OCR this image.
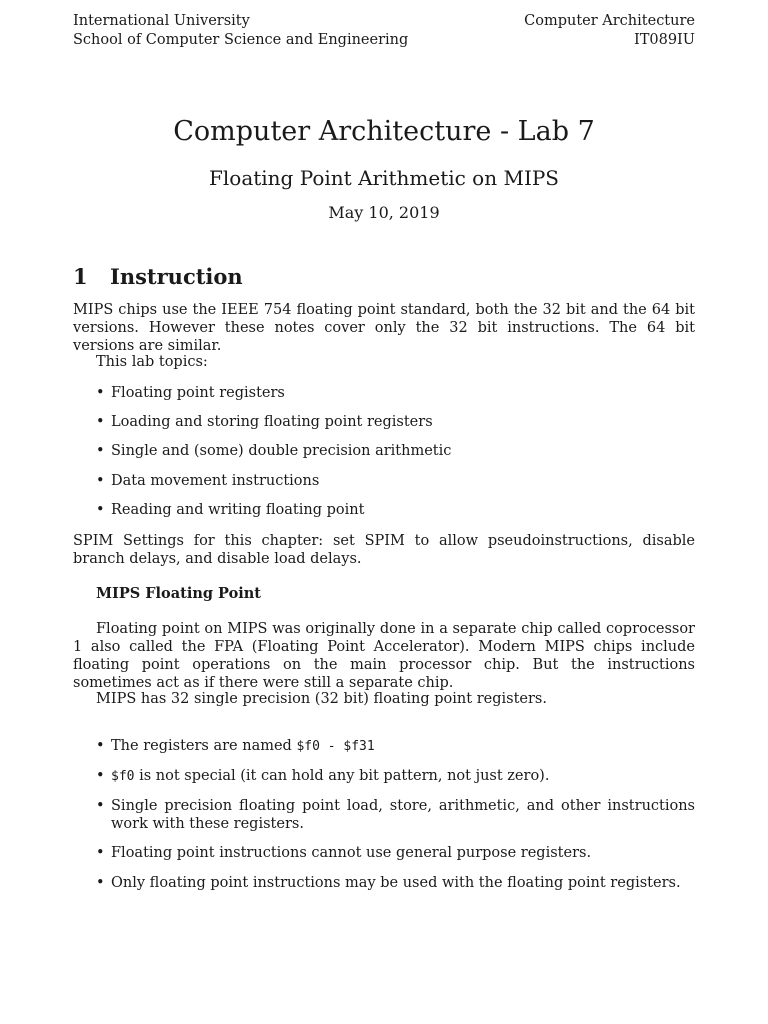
International University
School of Computer Science and Engineering
Computer Architecture
IT089IU
Computer Architecture - Lab 7
Floating Point Arithmetic on MIPS
May 10, 2019
1 Instruction
MIPS chips use the IEEE 754 floating point standard, both the 32 bit and the 64 bit versions. However these notes cover only the 32 bit instructions. The 64 bit versions are similar.
This lab topics:
• Floating point registers
• Loading and storing floating point registers
• Single and (some) double precision arithmetic
• Data movement instructions
• Reading and writing floating point
SPIM Settings for this chapter: set SPIM to allow pseudoinstructions, disable branch delays, and disable load delays.
MIPS Floating Point
Floating point on MIPS was originally done in a separate chip called coprocessor 1 also called the FPA (Floating Point Accelerator). Modern MIPS chips include floating point operations on the main processor chip. But the instructions sometimes act as if there were still a separate chip.
MIPS has 32 single precision (32 bit) floating point registers.
• The registers are named $f0 - $f31
• $f0 is not special (it can hold any bit pattern, not just zero).
• Single precision floating point load, store, arithmetic, and other instructions work with these registers.
• Floating point instructions cannot use general purpose registers.
• Only floating point instructions may be used with the floating point registers.
